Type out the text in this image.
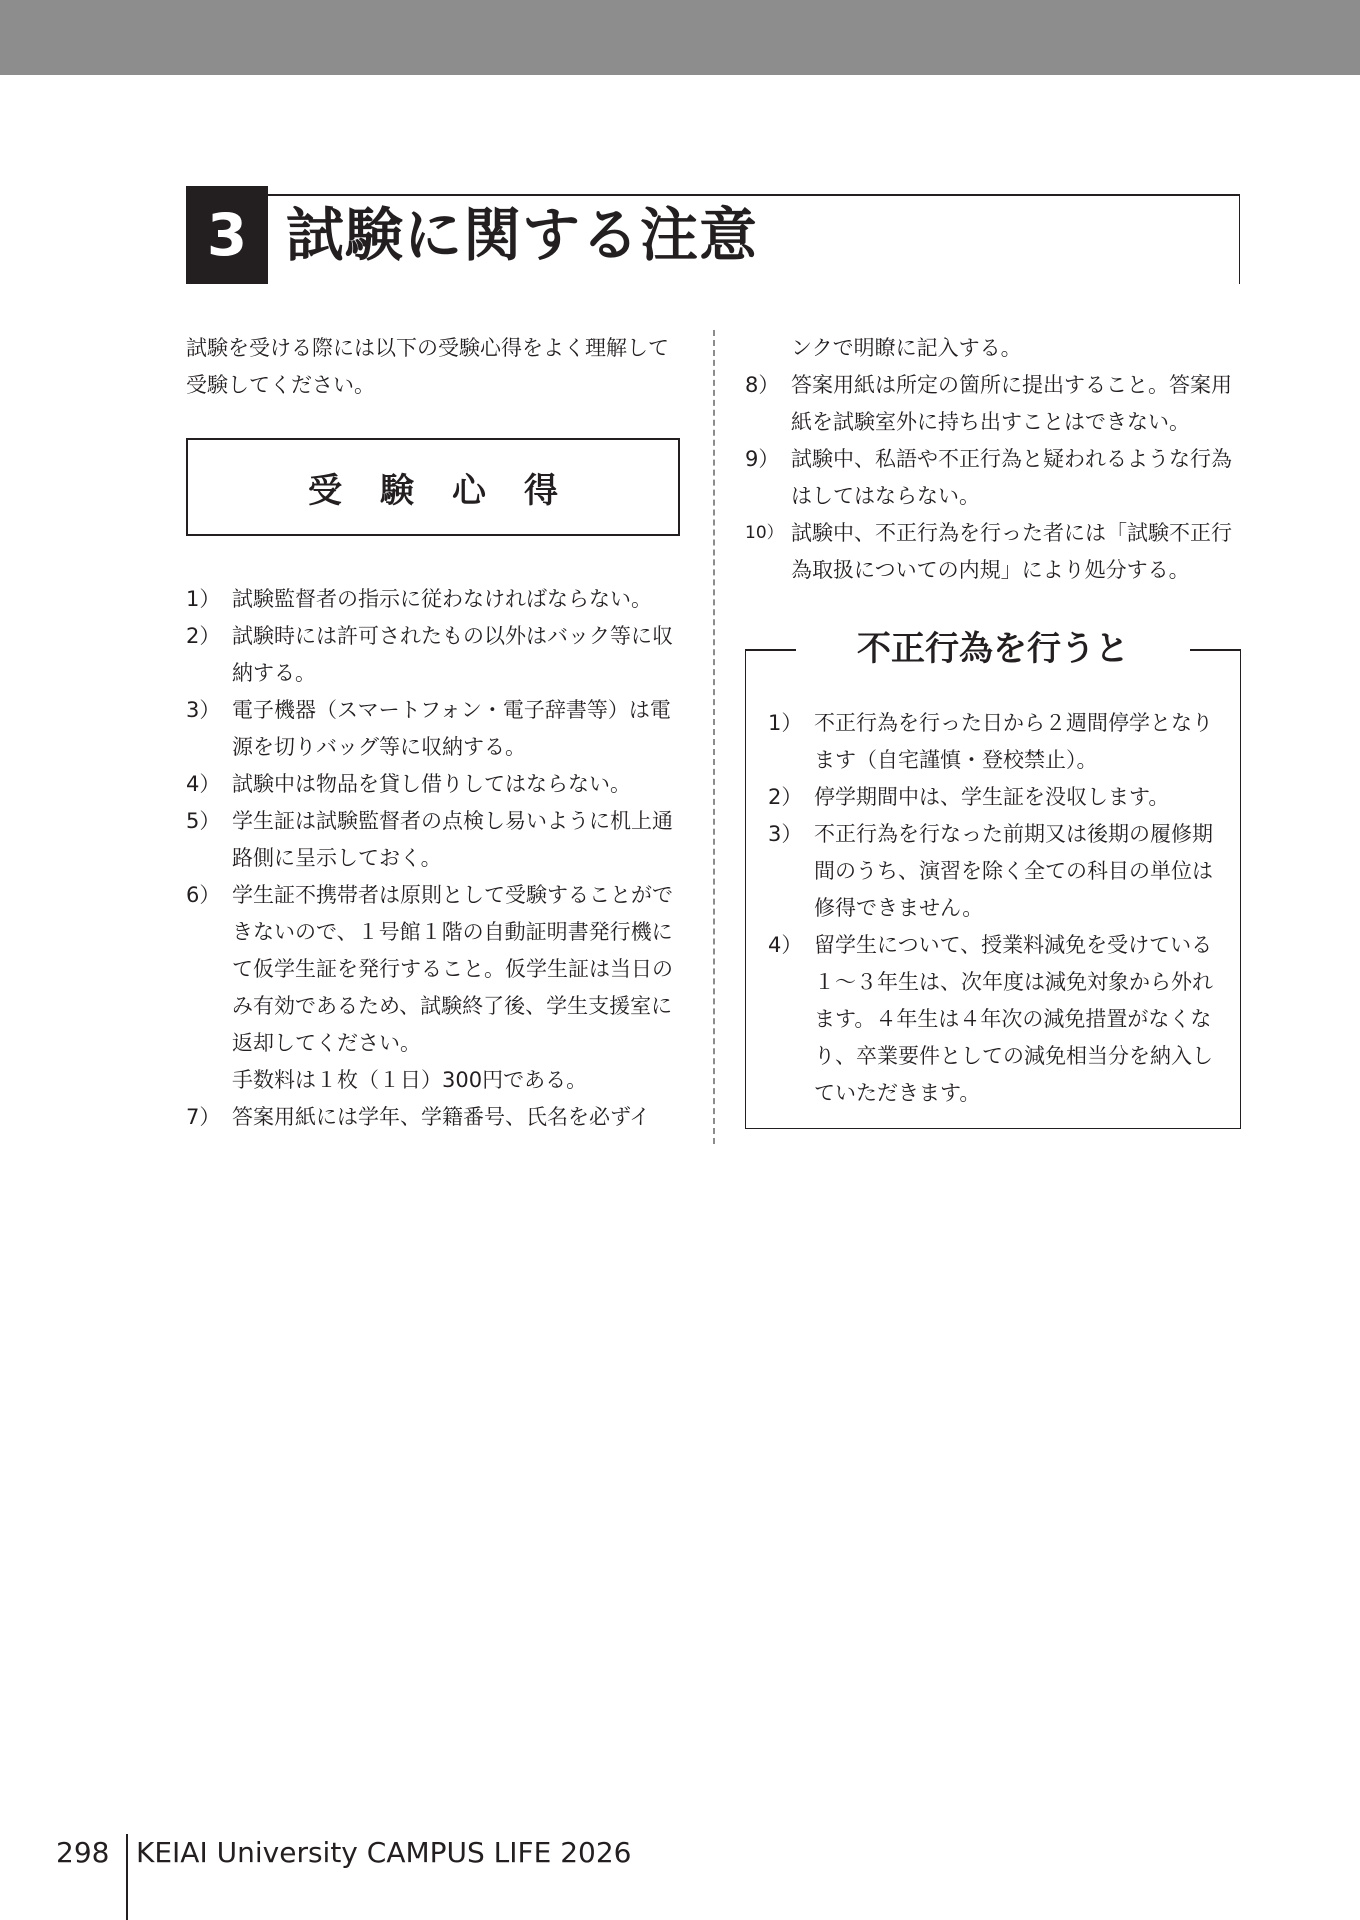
3 試験に関する注意

試験を受ける際には以下の受験心得をよく理解して受験してください。

受験心得
1） 試験監督者の指示に従わなければならない。
2） 試験時には許可されたもの以外はバック等に収納する。
3） 電子機器（スマートフォン・電子辞書等）は電源を切りバッグ等に収納する。
4） 試験中は物品を貸し借りしてはならない。
5） 学生証は試験監督者の点検し易いように机上通路側に呈示しておく。
6） 学生証不携帯者は原則として受験することができないので、１号館１階の自動証明書発行機にて仮学生証を発行すること。仮学生証は当日のみ有効であるため、試験終了後、学生支援室に返却してください。
手数料は１枚（１日）300円である。
7） 答案用紙には学年、学籍番号、氏名を必ずイ

ンクで明瞭に記入する。

8） 答案用紙は所定の箇所に提出すること。答案用紙を試験室外に持ち出すことはできない。
9） 試験中、私語や不正行為と疑われるような行為はしてはならない。
10） 試験中、不正行為を行った者には「試験不正行為取扱についての内規」により処分する。
不正行為を行うと
1） 不正行為を行った日から２週間停学となります（自宅謹慎・登校禁止）。
2） 停学期間中は、学生証を没収します。
3） 不正行為を行なった前期又は後期の履修期間のうち、演習を除く全ての科目の単位は修得できません。
4） 留学生について、授業料減免を受けている１～３年生は、次年度は減免対象から外れます。４年生は４年次の減免措置がなくなり、卒業要件としての減免相当分を納入していただきます。
298 KEIAI University CAMPUS LIFE 2026
